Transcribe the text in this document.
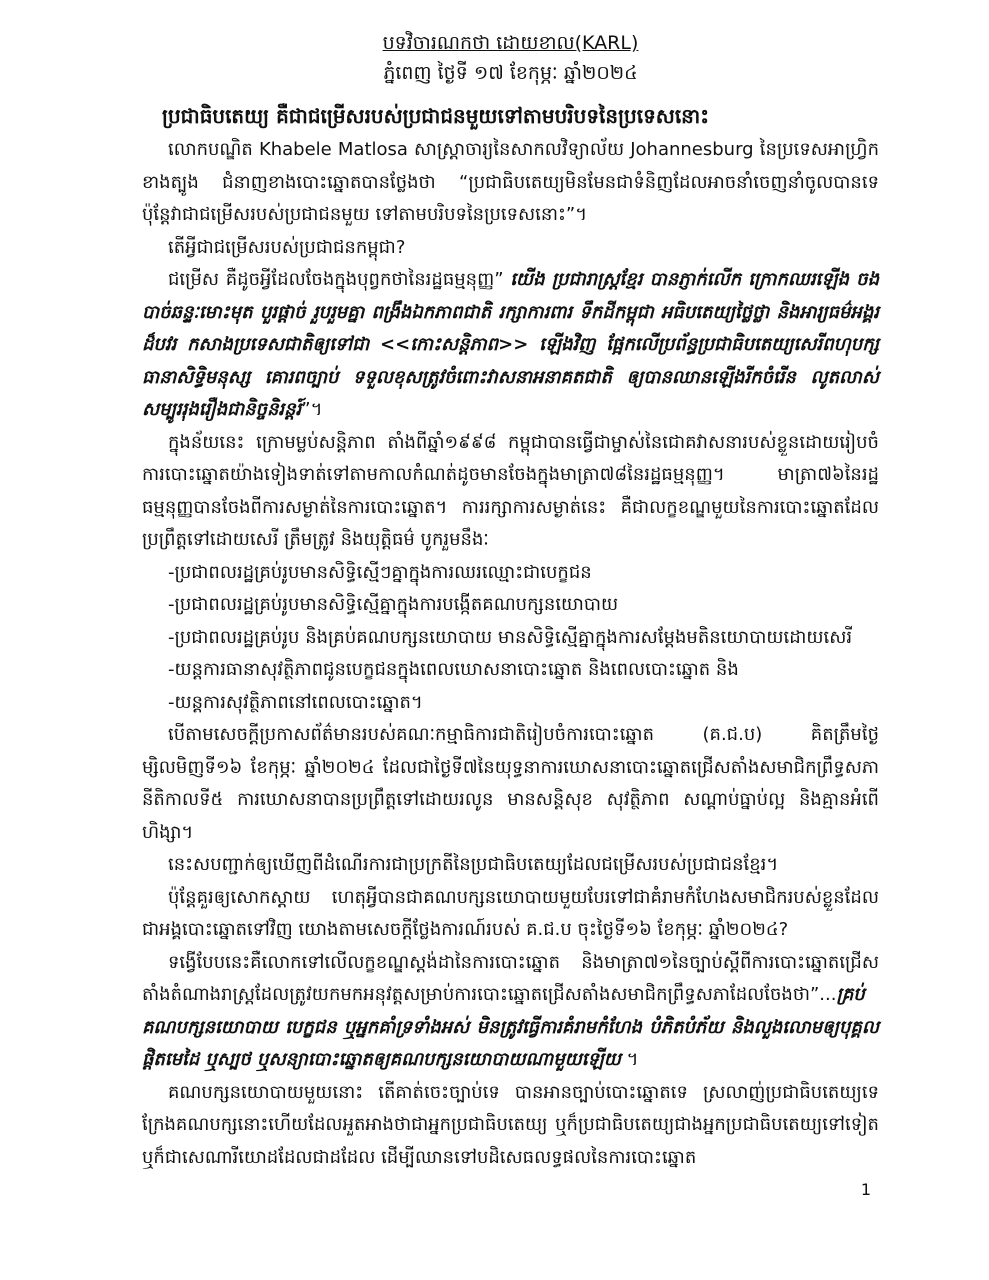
បទវិចារណកថា ដោយខាល(KARL)
ភ្នំពេញ ថ្ងៃទី ១៧ ខែកុម្ភៈ ឆ្នាំ២០២៤
ប្រជាធិបតេយ្យ គឺជាជម្រើសរបស់ប្រជាជនមួយទៅតាមបរិបទនៃប្រទេសនោះ

លោកបណ្ឌិត Khabele Matlosa សាស្ត្រាចារ្យនៃសាកលវិទ្យាល័យ Johannesburg នៃប្រទេសអាហ្វ្រិកខាងត្បូង ជំនាញខាងបោះឆ្នោតបានថ្លែងថា “ប្រជាធិបតេយ្យមិនមែនជាទំនិញដែលអាចនាំចេញនាំចូលបានទេ ប៉ុន្តែវាជាជម្រើសរបស់ប្រជាជនមួយ ទៅតាមបរិបទនៃប្រទេសនោះ”។

តើអ្វីជាជម្រើសរបស់ប្រជាជនកម្ពុជា?

ជម្រើស គឺដូចអ្វីដែលចែងក្នុងបុព្វកថានៃរដ្ឋធម្មនុញ្ញ” យើង ប្រជារាស្ត្រខ្មែរ បានភ្ញាក់លើក ក្រោកឈរឡើង ចងបាច់ឆន្ទៈមោះមុត បួរផ្ដាច់ រួបរួមគ្នា ពង្រឹងឯកភាពជាតិ រក្សាការពារ ទឹកដីកម្ពុជា អធិបតេយ្យថ្លៃថ្លា និងអារ្យធម៌អង្គរដ៏បវរ កសាងប្រទេសជាតិឲ្យទៅជា <<កោះសន្តិភាព>> ឡើងវិញ ផ្អែកលើប្រព័ន្ធប្រជាធិបតេយ្យសេរីពហុបក្ស ធានាសិទ្ធិមនុស្ស គោរពច្បាប់ ទទួលខុសត្រូវចំពោះវាសនាអនាគតជាតិ ឲ្យបានឈានឡើងរីកចំរើន លូតលាស់ សម្បូររុងរឿងជានិច្ចនិរន្តរ៍”។

ក្នុងន័យនេះ ក្រោមម្លប់សន្តិភាព តាំងពីឆ្នាំ១៩៩៨ កម្ពុជាបានធ្វើជាម្ចាស់នៃជោគវាសនារបស់ខ្លួនដោយរៀបចំការបោះឆ្នោតយ៉ាងទៀងទាត់ទៅតាមកាលកំណត់ដូចមានចែងក្នុងមាត្រា៧៨នៃរដ្ឋធម្មនុញ្ញ។ មាត្រា៧៦នៃរដ្ឋធម្មនុញ្ញបានចែងពីការសម្ងាត់នៃការបោះឆ្នោត។ ការរក្សាការសម្ងាត់នេះ គឺជាលក្ខខណ្ឌមួយនៃការបោះឆ្នោតដែលប្រព្រឹត្តទៅដោយសេរី ត្រឹមត្រូវ និងយុត្តិធម៌ បូករួមនឹងៈ

-ប្រជាពលរដ្ឋគ្រប់រូបមានសិទ្ធិស្មើៗគ្នាក្នុងការឈរឈ្មោះជាបេក្ខជន

-ប្រជាពលរដ្ឋគ្រប់រូបមានសិទ្ធិស្មើគ្នាក្នុងការបង្កើតគណបក្សនយោបាយ

-ប្រជាពលរដ្ឋគ្រប់រូប និងគ្រប់គណបក្សនយោបាយ មានសិទ្ធិស្មើគ្នាក្នុងការសម្តែងមតិនយោបាយដោយសេរី

-យន្តការធានាសុវត្ថិភាពជូនបេក្ខជនក្នុងពេលឃោសនាបោះឆ្នោត និងពេលបោះឆ្នោត និង

-យន្តការសុវត្ថិភាពនៅពេលបោះឆ្នោត។

បើតាមសេចក្តីប្រកាសព័ត៌មានរបស់គណៈកម្មាធិការជាតិរៀបចំការបោះឆ្នោត (គ.ជ.ប) គិតត្រឹមថ្ងៃម្សិលមិញទី១៦ ខែកុម្ភៈ ឆ្នាំ២០២៤ ដែលជាថ្ងៃទី៧នៃយុទ្ធនាការឃោសនាបោះឆ្នោតជ្រើសតាំងសមាជិកព្រឹទ្ធសភានីតិកាលទី៥ ការឃោសនាបានប្រព្រឹត្តទៅដោយរលូន មានសន្តិសុខ សុវត្ថិភាព សណ្តាប់ធ្នាប់ល្អ និងគ្មានអំពើហិង្សា។

នេះសបញ្ជាក់ឲ្យឃើញពីដំណើរការជាប្រក្រតីនៃប្រជាធិបតេយ្យដែលជម្រើសរបស់ប្រជាជនខ្មែរ។

ប៉ុន្តែគួរឲ្យសោកស្តាយ ហេតុអ្វីបានជាគណបក្សនយោបាយមួយបែរទៅជាគំរាមកំហែងសមាជិករបស់ខ្លួនដែលជាអង្គបោះឆ្នោតទៅវិញ យោងតាមសេចក្តីថ្លែងការណ៍របស់ គ.ជ.ប ចុះថ្ងៃទី១៦ ខែកុម្ភៈ ឆ្នាំ២០២៤?

ទង្វើបែបនេះគឺលោកទៅលើលក្ខខណ្ឌស្តង់ដានៃការបោះឆ្នោត និងមាត្រា៧១នៃច្បាប់ស្តីពីការបោះឆ្នោតជ្រើសតាំងតំណាងរាស្ត្រដែលត្រូវយកមកអនុវត្តសម្រាប់ការបោះឆ្នោតជ្រើសតាំងសមាជិកព្រឹទ្ធសភាដែលចែងថា”...គ្រប់គណបក្សនយោបាយ បេក្ខជន ឬអ្នកគាំទ្រទាំងអស់ មិនត្រូវធ្វើការគំរាមកំហែង បំភិតបំភ័យ និងលួងលោមឲ្យបុគ្គលផ្តិតមេដៃ ឬស្បថ ឬសន្យាបោះឆ្នោតឲ្យគណបក្សនយោបាយណាមួយឡើយ ។

គណបក្សនយោបាយមួយនោះ តើគាត់ចេះច្បាប់ទេ បានអានច្បាប់បោះឆ្នោតទេ ស្រលាញ់ប្រជាធិបតេយ្យទេ ក្រែងគណបក្សនោះហើយដែលអួតអាងថាជាអ្នកប្រជាធិបតេយ្យ ឬក៏ប្រជាធិបតេយ្យជាងអ្នកប្រជាធិបតេយ្យទៅទៀត ឬក៏ជាសេណារីយោដដែលជាដដែល ដើម្បីឈានទៅបដិសេធលទ្ធផលនៃការបោះឆ្នោត

1
